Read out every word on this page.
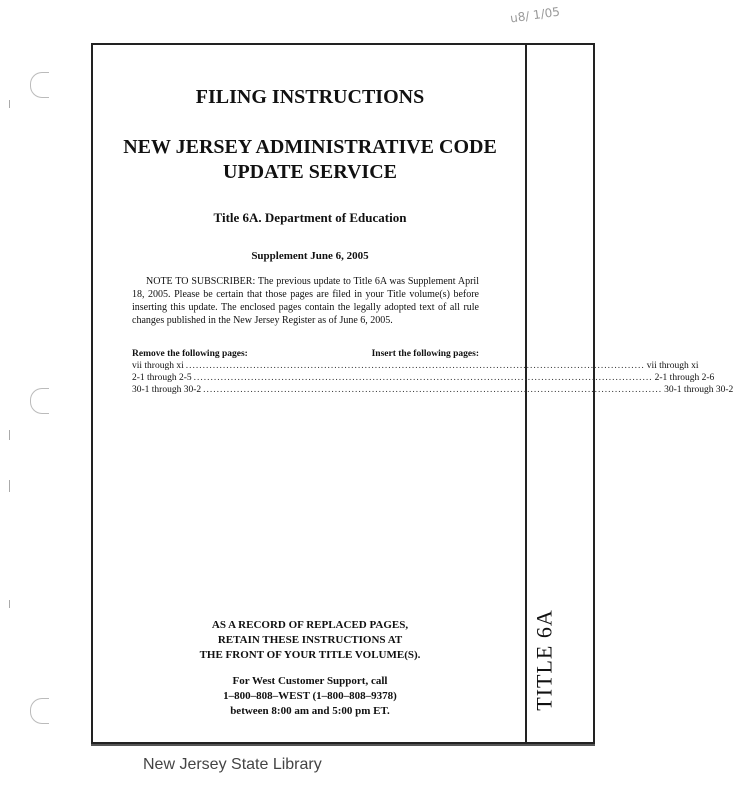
u8/ 1/05
TITLE 6A
FILING INSTRUCTIONS
NEW JERSEY ADMINISTRATIVE CODE
UPDATE SERVICE
Title 6A. Department of Education
Supplement June 6, 2005
NOTE TO SUBSCRIBER: The previous update to Title 6A was Supplement April 18, 2005. Please be certain that those pages are filed in your Title volume(s) before inserting this update. The enclosed pages contain the legally adopted text of all rule changes published in the New Jersey Register as of June 6, 2005.
Remove the following pages:	Insert the following pages:
vii through xi ........................................................................................................................................ vii through xi
2-1 through 2-5 ........................................................................................................................................ 2-1 through 2-6
30-1 through 30-2 ........................................................................................................................................ 30-1 through 30-2
AS A RECORD OF REPLACED PAGES,
RETAIN THESE INSTRUCTIONS AT
THE FRONT OF YOUR TITLE VOLUME(S).
For West Customer Support, call
1–800–808–WEST (1–800–808–9378)
between 8:00 am and 5:00 pm ET.
New Jersey State Library
